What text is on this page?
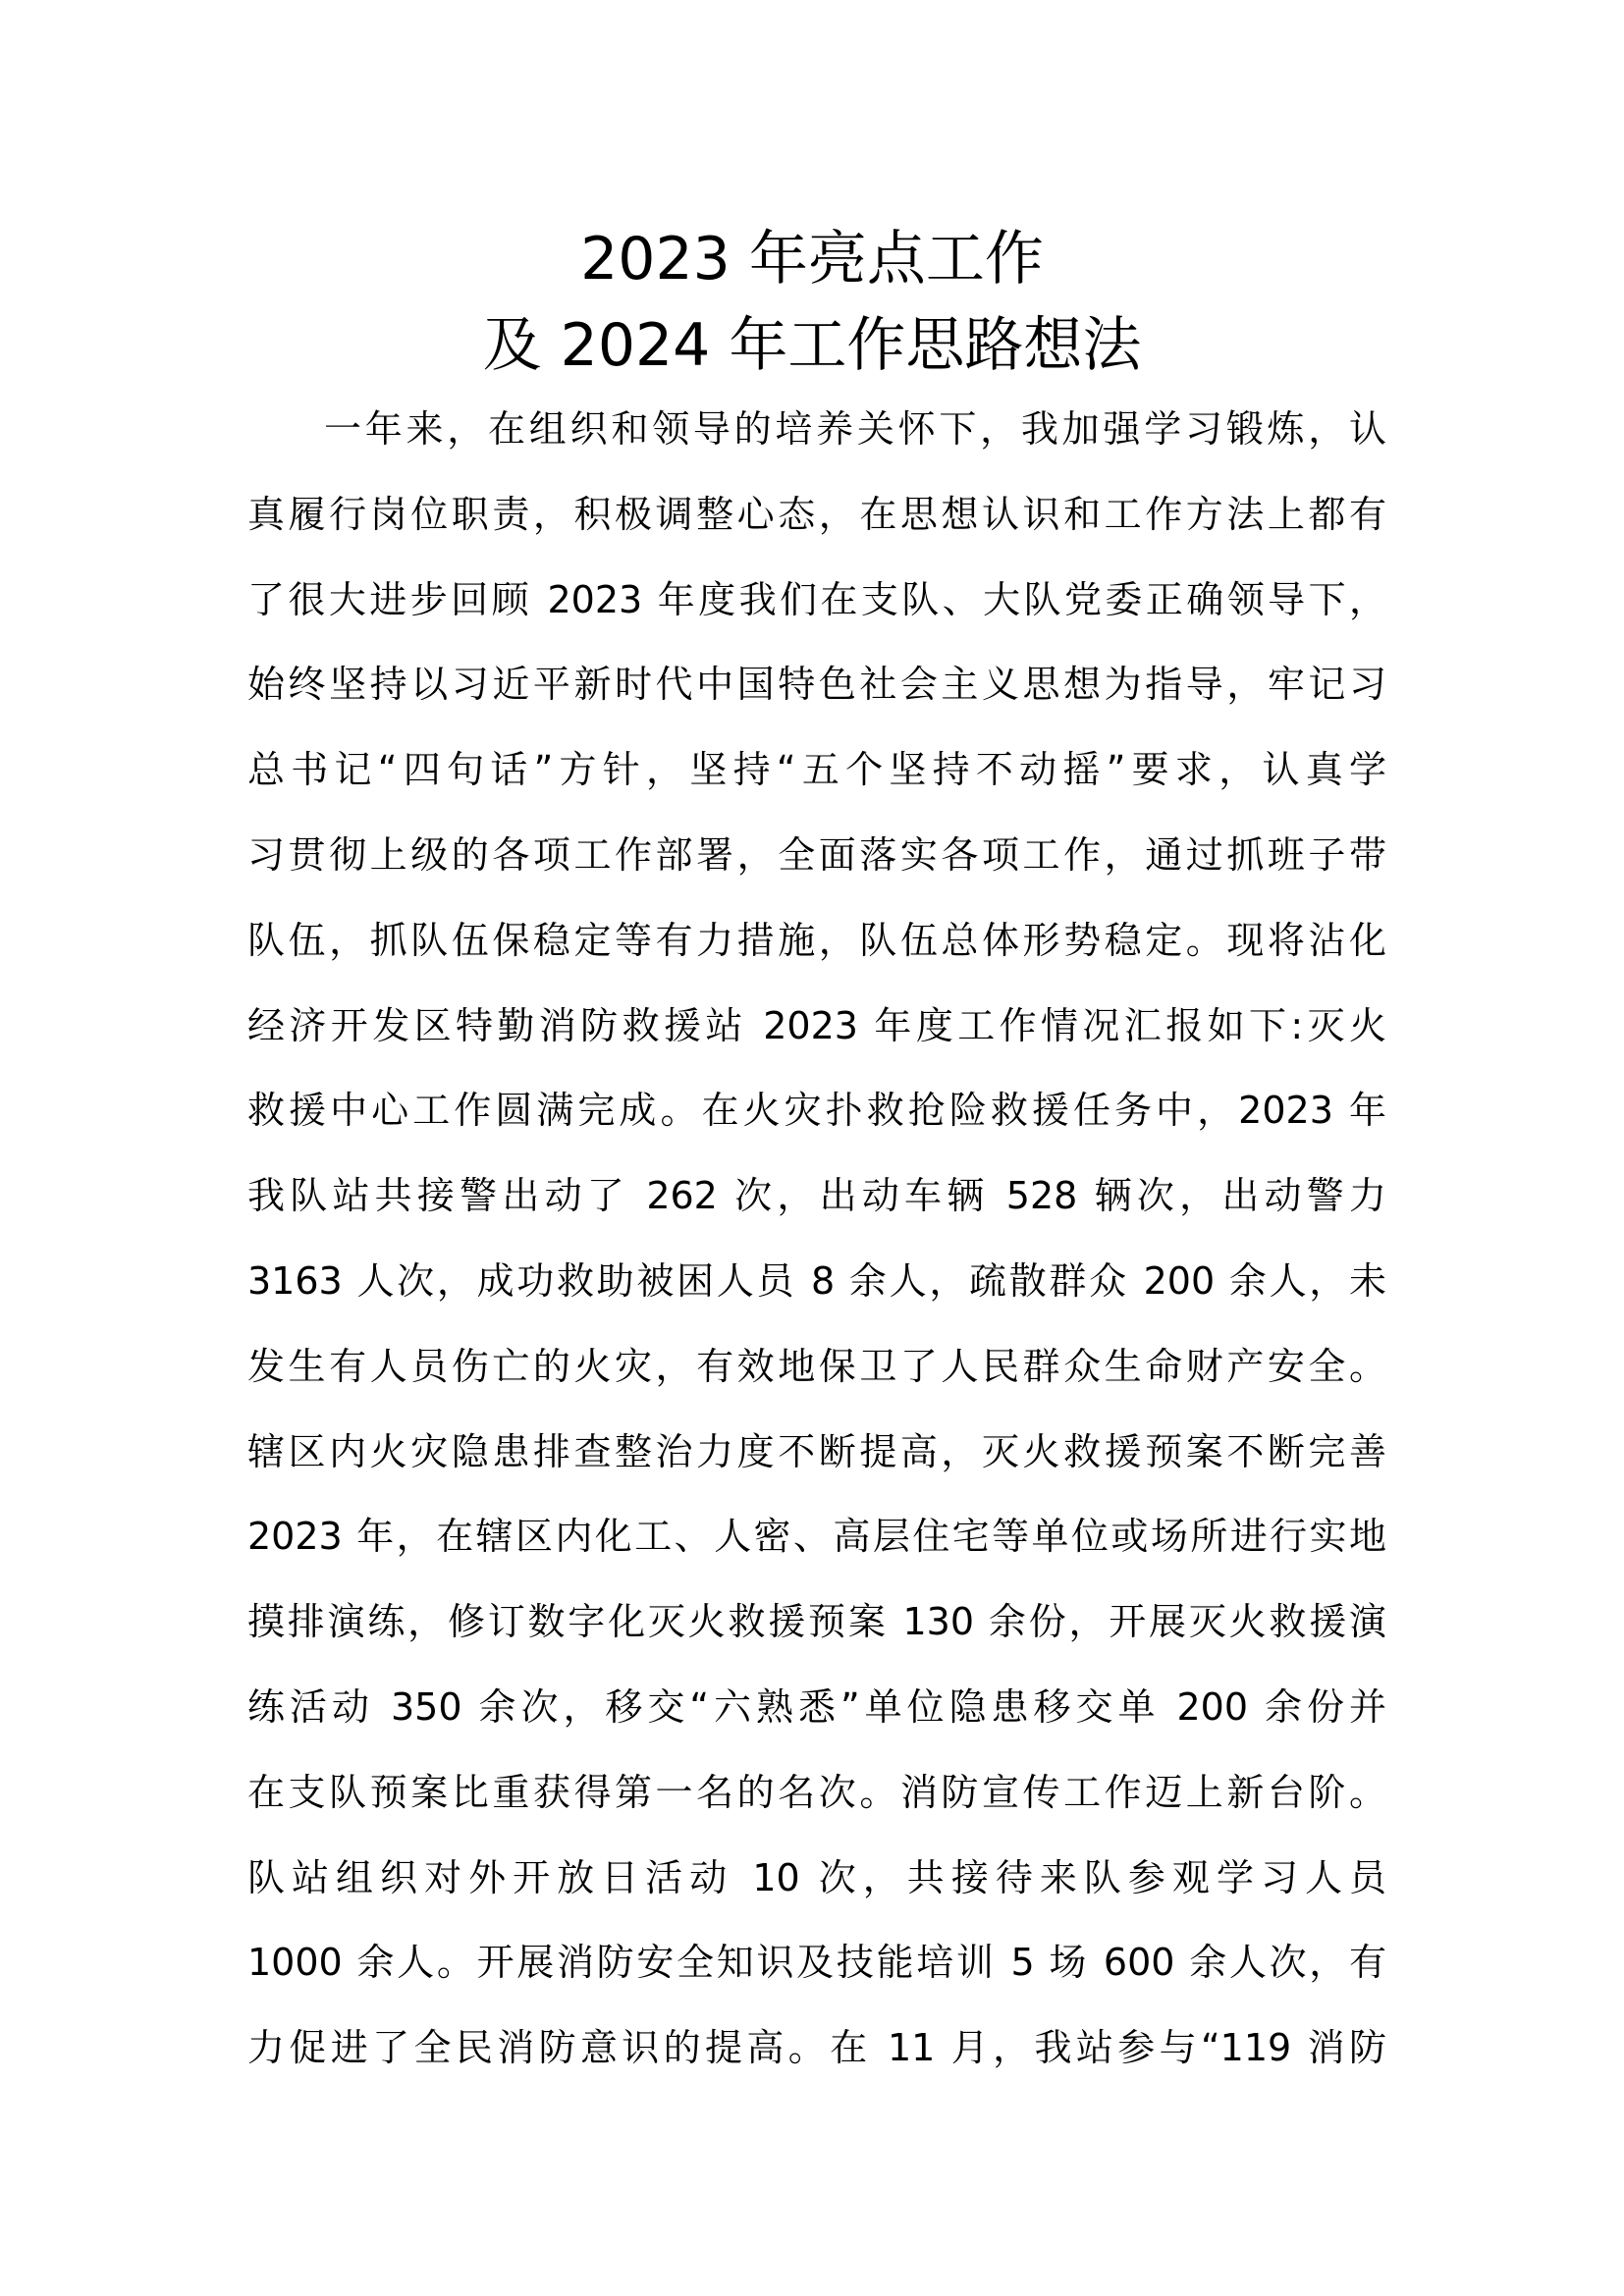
2023 年亮点工作
及 2024 年工作思路想法
一年来，在组织和领导的培养关怀下，我加强学习锻炼，认
真履行岗位职责，积极调整心态，在思想认识和工作方法上都有
了很大进步回顾 2023 年度我们在支队、大队党委正确领导下，
始终坚持以习近平新时代中国特色社会主义思想为指导，牢记习
总书记“四句话”方针，坚持“五个坚持不动摇”要求，认真学
习贯彻上级的各项工作部署，全面落实各项工作，通过抓班子带
队伍，抓队伍保稳定等有力措施，队伍总体形势稳定。现将沾化
经济开发区特勤消防救援站 2023 年度工作情况汇报如下:灭火
救援中心工作圆满完成。在火灾扑救抢险救援任务中，2023 年
我队站共接警出动了 262 次，出动车辆 528 辆次，出动警力
3163 人次，成功救助被困人员 8 余人，疏散群众 200 余人，未
发生有人员伤亡的火灾，有效地保卫了人民群众生命财产安全。
辖区内火灾隐患排查整治力度不断提高，灭火救援预案不断完善
2023 年，在辖区内化工、人密、高层住宅等单位或场所进行实地
摸排演练，修订数字化灭火救援预案 130 余份，开展灭火救援演
练活动 350 余次，移交“六熟悉”单位隐患移交单 200 余份并
在支队预案比重获得第一名的名次。消防宣传工作迈上新台阶。
队站组织对外开放日活动 10 次，共接待来队参观学习人员
1000 余人。开展消防安全知识及技能培训 5 场 600 余人次，有
力促进了全民消防意识的提高。在 11 月，我站参与“119 消防
